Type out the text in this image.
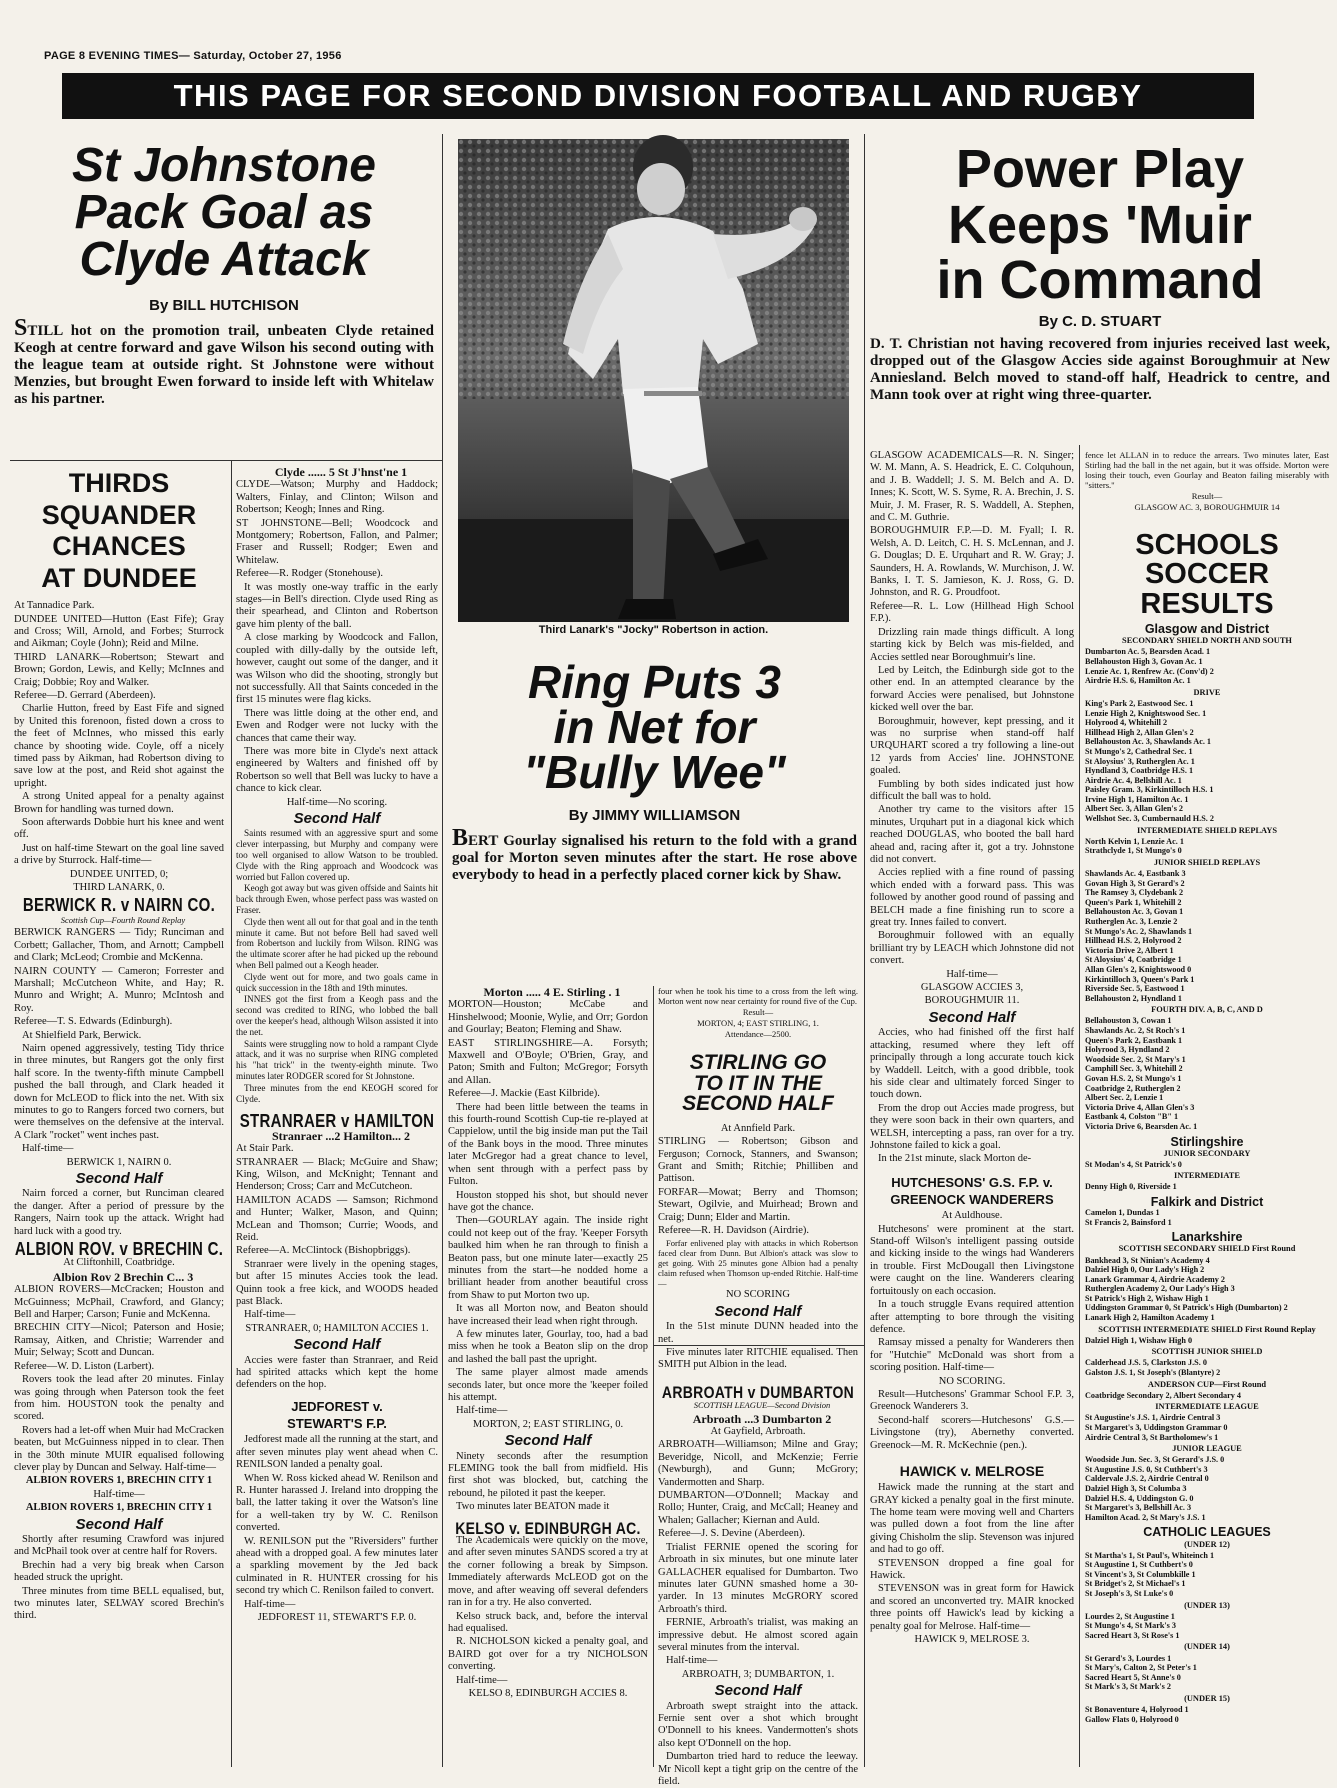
PAGE 8 EVENING TIMES— Saturday, October 27, 1956
THIS PAGE FOR SECOND DIVISION FOOTBALL AND RUGBY
St Johnstone
Pack Goal as
Clyde Attack
By BILL HUTCHISON

STILL hot on the promotion trail, unbeaten Clyde retained Keogh at centre forward and gave Wilson his second outing with the league team at outside right. St Johnstone were without Menzies, but brought Ewen forward to inside left with Whitelaw as his partner.

THIRDS
SQUANDER
CHANCES
AT DUNDEE

At Tannadice Park.

DUNDEE UNITED—Hutton (East Fife); Gray and Cross; Will, Arnold, and Forbes; Sturrock and Aikman; Coyle (John); Reid and Milne.

THIRD LANARK—Robertson; Stewart and Brown; Gordon, Lewis, and Kelly; McInnes and Craig; Dobbie; Roy and Walker.

Referee—D. Gerrard (Aberdeen).

Charlie Hutton, freed by East Fife and signed by United this forenoon, fisted down a cross to the feet of McInnes, who missed this early chance by shooting wide. Coyle, off a nicely timed pass by Aikman, had Robertson diving to save low at the post, and Reid shot against the upright.

A strong United appeal for a penalty against Brown for handling was turned down.

Soon afterwards Dobbie hurt his knee and went off.

Just on half-time Stewart on the goal line saved a drive by Sturrock. Half-time—

DUNDEE UNITED, 0;

THIRD LANARK, 0.

BERWICK R. v NAIRN CO.

Scottish Cup—Fourth Round Replay

BERWICK RANGERS — Tidy; Runciman and Corbett; Gallacher, Thom, and Arnott; Campbell and Clark; McLeod; Crombie and McKenna.

NAIRN COUNTY — Cameron; Forrester and Marshall; McCutcheon White, and Hay; R. Munro and Wright; A. Munro; McIntosh and Roy.

Referee—T. S. Edwards (Edinburgh).

At Shielfield Park, Berwick.

Nairn opened aggressively, testing Tidy thrice in three minutes, but Rangers got the only first half score. In the twenty-fifth minute Campbell pushed the ball through, and Clark headed it down for McLEOD to flick into the net. With six minutes to go to Rangers forced two corners, but were themselves on the defensive at the interval. A Clark "rocket" went inches past.

Half-time—

BERWICK 1, NAIRN 0.

Second Half

Nairn forced a corner, but Runciman cleared the danger. After a period of pressure by the Rangers, Nairn took up the attack. Wright had hard luck with a good try.

ALBION ROV. v BRECHIN C.

At Cliftonhill, Coatbridge.

Albion Rov 2 Brechin C... 3

ALBION ROVERS—McCracken; Houston and McGuinness; McPhail, Crawford, and Glancy; Bell and Harper; Carson; Funie and McKenna.

BRECHIN CITY—Nicol; Paterson and Hosie; Ramsay, Aitken, and Christie; Warrender and Muir; Selway; Scott and Duncan.

Referee—W. D. Liston (Larbert).

Rovers took the lead after 20 minutes. Finlay was going through when Paterson took the feet from him. HOUSTON took the penalty and scored.

Rovers had a let-off when Muir had McCracken beaten, but McGuinness nipped in to clear. Then in the 30th minute MUIR equalised following clever play by Duncan and Selway. Half-time—

ALBION ROVERS 1, BRECHIN CITY 1

Half-time—

ALBION ROVERS 1, BRECHIN CITY 1

Second Half

Shortly after resuming Crawford was injured and McPhail took over at centre half for Rovers.

Brechin had a very big break when Carson headed struck the upright.

Three minutes from time BELL equalised, but, two minutes later, SELWAY scored Brechin's third.

Clyde ...... 5 St J'hnst'ne 1

CLYDE—Watson; Murphy and Haddock; Walters, Finlay, and Clinton; Wilson and Robertson; Keogh; Innes and Ring.

ST JOHNSTONE—Bell; Woodcock and Montgomery; Robertson, Fallon, and Palmer; Fraser and Russell; Rodger; Ewen and Whitelaw.

Referee—R. Rodger (Stonehouse).

It was mostly one-way traffic in the early stages—in Bell's direction. Clyde used Ring as their spearhead, and Clinton and Robertson gave him plenty of the ball.

A close marking by Woodcock and Fallon, coupled with dilly-dally by the outside left, however, caught out some of the danger, and it was Wilson who did the shooting, strongly but not successfully. All that Saints conceded in the first 15 minutes were flag kicks.

There was little doing at the other end, and Ewen and Rodger were not lucky with the chances that came their way.

There was more bite in Clyde's next attack engineered by Walters and finished off by Robertson so well that Bell was lucky to have a chance to kick clear.

Half-time—No scoring.

Second Half

Saints resumed with an aggressive spurt and some clever interpassing, but Murphy and company were too well organised to allow Watson to be troubled. Clyde with the Ring approach and Woodcock was worried but Fallon covered up.

Keogh got away but was given offside and Saints hit back through Ewen, whose perfect pass was wasted on Fraser.

Clyde then went all out for that goal and in the tenth minute it came. But not before Bell had saved well from Robertson and luckily from Wilson. RING was the ultimate scorer after he had picked up the rebound when Bell palmed out a Keogh header.

Clyde went out for more, and two goals came in quick succession in the 18th and 19th minutes.

INNES got the first from a Keogh pass and the second was credited to RING, who lobbed the ball over the keeper's head, although Wilson assisted it into the net.

Saints were struggling now to hold a rampant Clyde attack, and it was no surprise when RING completed his "hat trick" in the twenty-eighth minute. Two minutes later RODGER scored for St Johnstone.

Three minutes from the end KEOGH scored for Clyde.

STRANRAER v HAMILTON

Stranraer ...2 Hamilton... 2

At Stair Park.

STRANRAER — Black; McGuire and Shaw; King, Wilson, and McKnight; Tennant and Henderson; Cross; Carr and McCutcheon.

HAMILTON ACADS — Samson; Richmond and Hunter; Walker, Mason, and Quinn; McLean and Thomson; Currie; Woods, and Reid.

Referee—A. McClintock (Bishopbriggs).

Stranraer were lively in the opening stages, but after 15 minutes Accies took the lead. Quinn took a free kick, and WOODS headed past Black.

Half-time—

STRANRAER, 0; HAMILTON ACCIES 1.

Second Half

Accies were faster than Stranraer, and Reid had spirited attacks which kept the home defenders on the hop.

JEDFOREST v.
STEWART'S F.P.

Jedforest made all the running at the start, and after seven minutes play went ahead when C. RENILSON landed a penalty goal.

When W. Ross kicked ahead W. Renilson and R. Hunter harassed J. Ireland into dropping the ball, the latter taking it over the Watson's line for a well-taken try by W. C. Renilson converted.

W. RENILSON put the "Riversiders" further ahead with a dropped goal. A few minutes later a sparkling movement by the Jed back culminated in R. HUNTER crossing for his second try which C. Renilson failed to convert.

Half-time—

JEDFOREST 11, STEWART'S F.P. 0.

Third Lanark's "Jocky" Robertson in action.
Ring Puts 3
in Net for
"Bully Wee"
By JIMMY WILLIAMSON

BERT Gourlay signalised his return to the fold with a grand goal for Morton seven minutes after the start. He rose above everybody to head in a perfectly placed corner kick by Shaw.

Morton ..... 4 E. Stirling . 1

MORTON—Houston; McCabe and Hinshelwood; Moonie, Wylie, and Orr; Gordon and Gourlay; Beaton; Fleming and Shaw.

EAST STIRLINGSHIRE—A. Forsyth; Maxwell and O'Boyle; O'Brien, Gray, and Paton; Smith and Fulton; McGregor; Forsyth and Allan.

Referee—J. Mackie (East Kilbride).

There had been little between the teams in this fourth-round Scottish Cup-tie re-played at Cappielow, until the big inside man put the Tail of the Bank boys in the mood. Three minutes later McGregor had a great chance to level, when sent through with a perfect pass by Fulton.

Houston stopped his shot, but should never have got the chance.

Then—GOURLAY again. The inside right could not keep out of the fray. 'Keeper Forsyth baulked him when he ran through to finish a Beaton pass, but one minute later—exactly 25 minutes from the start—he nodded home a brilliant header from another beautiful cross from Shaw to put Morton two up.

It was all Morton now, and Beaton should have increased their lead when right through.

A few minutes later, Gourlay, too, had a bad miss when he took a Beaton slip on the drop and lashed the ball past the upright.

The same player almost made amends seconds later, but once more the 'keeper foiled his attempt.

Half-time—

MORTON, 2; EAST STIRLING, 0.

Second Half

Ninety seconds after the resumption FLEMING took the ball from midfield. His first shot was blocked, but, catching the rebound, he piloted it past the keeper.

Two minutes later BEATON made it

KELSO v. EDINBURGH AC.

The Academicals were quickly on the move, and after seven minutes SANDS scored a try at the corner following a break by Simpson. Immediately afterwards McLEOD got on the move, and after weaving off several defenders ran in for a try. He also converted.

Kelso struck back, and, before the interval had equalised.

R. NICHOLSON kicked a penalty goal, and BAIRD got over for a try NICHOLSON converting.

Half-time—

KELSO 8, EDINBURGH ACCIES 8.

four when he took his time to a cross from the left wing. Morton went now near certainty for round five of the Cup.

Result—

MORTON, 4; EAST STIRLING, 1.

Attendance—2500.

STIRLING GO
TO IT IN THE
SECOND HALF

At Annfield Park.

STIRLING — Robertson; Gibson and Ferguson; Cornock, Stanners, and Swanson; Grant and Smith; Ritchie; Philliben and Pattison.

FORFAR—Mowat; Berry and Thomson; Stewart, Ogilvie, and Muirhead; Brown and Craig; Dunn; Elder and Martin.

Referee—R. H. Davidson (Airdrie).

Forfar enlivened play with attacks in which Robertson faced clear from Dunn. But Albion's attack was slow to get going. With 25 minutes gone Albion had a penalty claim refused when Thomson up-ended Ritchie. Half-time—

NO SCORING

Second Half

In the 51st minute DUNN headed into the net.

Five minutes later RITCHIE equalised. Then SMITH put Albion in the lead.

ARBROATH v DUMBARTON

SCOTTISH LEAGUE—Second Division

Arbroath ...3 Dumbarton 2

At Gayfield, Arbroath.

ARBROATH—Williamson; Milne and Gray; Beveridge, Nicoll, and McKenzie; Ferrie (Newburgh), and Gunn; McGrory; Vandermotten and Sharp.

DUMBARTON—O'Donnell; Mackay and Rollo; Hunter, Craig, and McCall; Heaney and Whalen; Gallacher; Kiernan and Auld.

Referee—J. S. Devine (Aberdeen).

Trialist FERNIE opened the scoring for Arbroath in six minutes, but one minute later GALLACHER equalised for Dumbarton. Two minutes later GUNN smashed home a 30-yarder. In 13 minutes McGRORY scored Arbroath's third.

FERNIE, Arbroath's trialist, was making an impressive debut. He almost scored again several minutes from the interval.

Half-time—

ARBROATH, 3; DUMBARTON, 1.

Second Half

Arbroath swept straight into the attack. Fernie sent over a shot which brought O'Donnell to his knees. Vandermotten's shots also kept O'Donnell on the hop.

Dumbarton tried hard to reduce the leeway. Mr Nicoll kept a tight grip on the centre of the field.

Power Play
Keeps 'Muir
in Command
By C. D. STUART

D. T. Christian not having recovered from injuries received last week, dropped out of the Glasgow Accies side against Boroughmuir at New Anniesland. Belch moved to stand-off half, Headrick to centre, and Mann took over at right wing three-quarter.

GLASGOW ACADEMICALS—R. N. Singer; W. M. Mann, A. S. Headrick, E. C. Colquhoun, and J. B. Waddell; J. S. M. Belch and A. D. Innes; K. Scott, W. S. Syme, R. A. Brechin, J. S. Muir, J. M. Fraser, R. S. Waddell, A. Stephen, and C. M. Guthrie.

BOROUGHMUIR F.P.—D. M. Fyall; I. R. Welsh, A. D. Leitch, C. H. S. McLennan, and J. G. Douglas; D. E. Urquhart and R. W. Gray; J. Saunders, H. A. Rowlands, W. Murchison, J. W. Banks, I. T. S. Jamieson, K. J. Ross, G. D. Johnston, and R. G. Proudfoot.

Referee—R. L. Low (Hillhead High School F.P.).

Drizzling rain made things difficult. A long starting kick by Belch was mis-fielded, and Accies settled near Boroughmuir's line.

Led by Leitch, the Edinburgh side got to the other end. In an attempted clearance by the forward Accies were penalised, but Johnstone kicked well over the bar.

Boroughmuir, however, kept pressing, and it was no surprise when stand-off half URQUHART scored a try following a line-out 12 yards from Accies' line. JOHNSTONE goaled.

Fumbling by both sides indicated just how difficult the ball was to hold.

Another try came to the visitors after 15 minutes, Urquhart put in a diagonal kick which reached DOUGLAS, who booted the ball hard ahead and, racing after it, got a try. Johnstone did not convert.

Accies replied with a fine round of passing which ended with a forward pass. This was followed by another good round of passing and BELCH made a fine finishing run to score a great try. Innes failed to convert.

Boroughmuir followed with an equally brilliant try by LEACH which Johnstone did not convert.

Half-time—

GLASGOW ACCIES 3,

BOROUGHMUIR 11.

Second Half

Accies, who had finished off the first half attacking, resumed where they left off principally through a long accurate touch kick by Waddell. Leitch, with a good dribble, took his side clear and ultimately forced Singer to touch down.

From the drop out Accies made progress, but they were soon back in their own quarters, and WELSH, intercepting a pass, ran over for a try. Johnstone failed to kick a goal.

In the 21st minute, slack Morton de-

HUTCHESONS' G.S. F.P. v.
GREENOCK WANDERERS

At Auldhouse.

Hutchesons' were prominent at the start. Stand-off Wilson's intelligent passing outside and kicking inside to the wings had Wanderers in trouble. First McDougall then Livingstone were caught on the line. Wanderers clearing fortuitously on each occasion.

In a touch struggle Evans required attention after attempting to bore through the visiting defence.

Ramsay missed a penalty for Wanderers then for "Hutchie" McDonald was short from a scoring position. Half-time—

NO SCORING.

Result—Hutchesons' Grammar School F.P. 3, Greenock Wanderers 3.

Second-half scorers—Hutchesons' G.S.—Livingstone (try), Abernethy converted. Greenock—M. R. McKechnie (pen.).

HAWICK v. MELROSE

Hawick made the running at the start and GRAY kicked a penalty goal in the first minute. The home team were moving well and Charters was pulled down a foot from the line after giving Chisholm the slip. Stevenson was injured and had to go off.

STEVENSON dropped a fine goal for Hawick.

STEVENSON was in great form for Hawick and scored an unconverted try. MAIR knocked three points off Hawick's lead by kicking a penalty goal for Melrose. Half-time—

HAWICK 9, MELROSE 3.

fence let ALLAN in to reduce the arrears. Two minutes later, East Stirling had the ball in the net again, but it was offside. Morton were losing their touch, even Gourlay and Beaton failing miserably with "sitters."

Result—

GLASGOW AC. 3, BOROUGHMUIR 14

SCHOOLS
SOCCER
RESULTS
Glasgow and District
SECONDARY SHIELD NORTH AND SOUTH
Dumbarton Ac. 5, Bearsden Acad. 1
Bellahouston High 3, Govan Ac. 1
Lenzie Ac. 1, Renfrew Ac. (Conv'd) 2
Airdrie H.S. 6, Hamilton Ac. 1
DRIVE
King's Park 2, Eastwood Sec. 1
Lenzie High 2, Knightswood Sec. 1
Holyrood 4, Whitehill 2
Hillhead High 2, Allan Glen's 2
Bellahouston Ac. 3, Shawlands Ac. 1
St Mungo's 2, Cathedral Sec. 1
St Aloysius' 3, Rutherglen Ac. 1
Hyndland 3, Coatbridge H.S. 1
Airdrie Ac. 4, Bellshill Ac. 1
Paisley Gram. 3, Kirkintilloch H.S. 1
Irvine High 1, Hamilton Ac. 1
Albert Sec. 3, Allan Glen's 2
Wellshot Sec. 3, Cumbernauld H.S. 2
INTERMEDIATE SHIELD REPLAYS
North Kelvin 1, Lenzie Ac. 1
Strathclyde 1, St Mungo's 0
JUNIOR SHIELD REPLAYS
Shawlands Ac. 4, Eastbank 3
Govan High 3, St Gerard's 2
The Ramsey 3, Clydebank 2
Queen's Park 1, Whitehill 2
Bellahouston Ac. 3, Govan 1
Rutherglen Ac. 3, Lenzie 2
St Mungo's Ac. 2, Shawlands 1
Hillhead H.S. 2, Holyrood 2
Victoria Drive 2, Albert 1
St Aloysius' 4, Coatbridge 1
Allan Glen's 2, Knightswood 0
Kirkintilloch 3, Queen's Park 1
Riverside Sec. 5, Eastwood 1
Bellahouston 2, Hyndland 1
FOURTH DIV. A, B, C, AND D
Bellahouston 3, Cowan 1
Shawlands Ac. 2, St Roch's 1
Queen's Park 2, Eastbank 1
Holyrood 3, Hyndland 2
Woodside Sec. 2, St Mary's 1
Camphill Sec. 3, Whitehill 2
Govan H.S. 2, St Mungo's 1
Coatbridge 2, Rutherglen 2
Albert Sec. 2, Lenzie 1
Victoria Drive 4, Allan Glen's 3
Eastbank 4, Colston "B" 1
Victoria Drive 6, Bearsden Ac. 1
Stirlingshire
JUNIOR SECONDARY
St Modan's 4, St Patrick's 0
INTERMEDIATE
Denny High 0, Riverside 1
Falkirk and District
Camelon 1, Dundas 1
St Francis 2, Bainsford 1
Lanarkshire
SCOTTISH SECONDARY SHIELD First Round
Bankhead 3, St Ninian's Academy 4
Dalziel High 0, Our Lady's High 2
Lanark Grammar 4, Airdrie Academy 2
Rutherglen Academy 2, Our Lady's High 3
St Patrick's High 2, Wishaw High 1
Uddingston Grammar 0, St Patrick's High (Dumbarton) 2
Lanark High 2, Hamilton Academy 1
SCOTTISH INTERMEDIATE SHIELD First Round Replay
Dalziel High 1, Wishaw High 0
SCOTTISH JUNIOR SHIELD
Calderhead J.S. 5, Clarkston J.S. 0
Galston J.S. 1, St Joseph's (Blantyre) 2
ANDERSON CUP—First Round
Coatbridge Secondary 2, Albert Secondary 4
INTERMEDIATE LEAGUE
St Augustine's J.S. 1, Airdrie Central 3
St Margaret's 3, Uddingston Grammar 0
Airdrie Central 3, St Bartholomew's 1
JUNIOR LEAGUE
Woodside Jun. Sec. 3, St Gerard's J.S. 0
St Augustine J.S. 0, St Cuthbert's 3
Caldervale J.S. 2, Airdrie Central 0
Dalziel High 3, St Columba 3
Dalziel H.S. 4, Uddingston G. 0
St Margaret's 3, Bellshill Ac. 3
Hamilton Acad. 2, St Mary's J.S. 1
CATHOLIC LEAGUES
(UNDER 12)
St Martha's 1, St Paul's, Whiteinch 1
St Augustine 1, St Cuthbert's 0
St Vincent's 3, St Columbkille 1
St Bridget's 2, St Michael's 1
St Joseph's 3, St Luke's 0
(UNDER 13)
Lourdes 2, St Augustine 1
St Mungo's 4, St Mark's 3
Sacred Heart 3, St Rose's 1
(UNDER 14)
St Gerard's 3, Lourdes 1
St Mary's, Calton 2, St Peter's 1
Sacred Heart 5, St Anne's 0
St Mark's 3, St Mark's 2
(UNDER 15)
St Bonaventure 4, Holyrood 1
Gallow Flats 0, Holyrood 0
